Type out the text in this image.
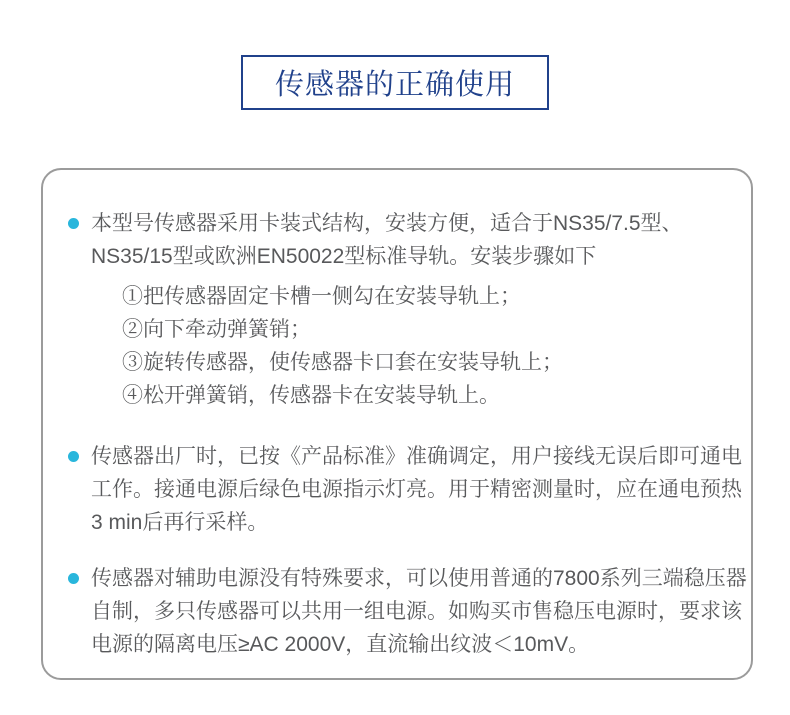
传感器的正确使用
本型号传感器采用卡装式结构，安装方便，适合于NS35/7.5型、
NS35/15型或欧洲EN50022型标准导轨。安装步骤如下
①把传感器固定卡槽一侧勾在安装导轨上；
②向下牵动弹簧销；
③旋转传感器，使传感器卡口套在安装导轨上；
④松开弹簧销，传感器卡在安装导轨上。
传感器出厂时，已按《产品标准》准确调定，用户接线无误后即可通电
工作。接通电源后绿色电源指示灯亮。用于精密测量时，应在通电预热
3 min后再行采样。
传感器对辅助电源没有特殊要求，可以使用普通的7800系列三端稳压器
自制，多只传感器可以共用一组电源。如购买市售稳压电源时，要求该
电源的隔离电压≥AC 2000V，直流输出纹波＜10mV。
